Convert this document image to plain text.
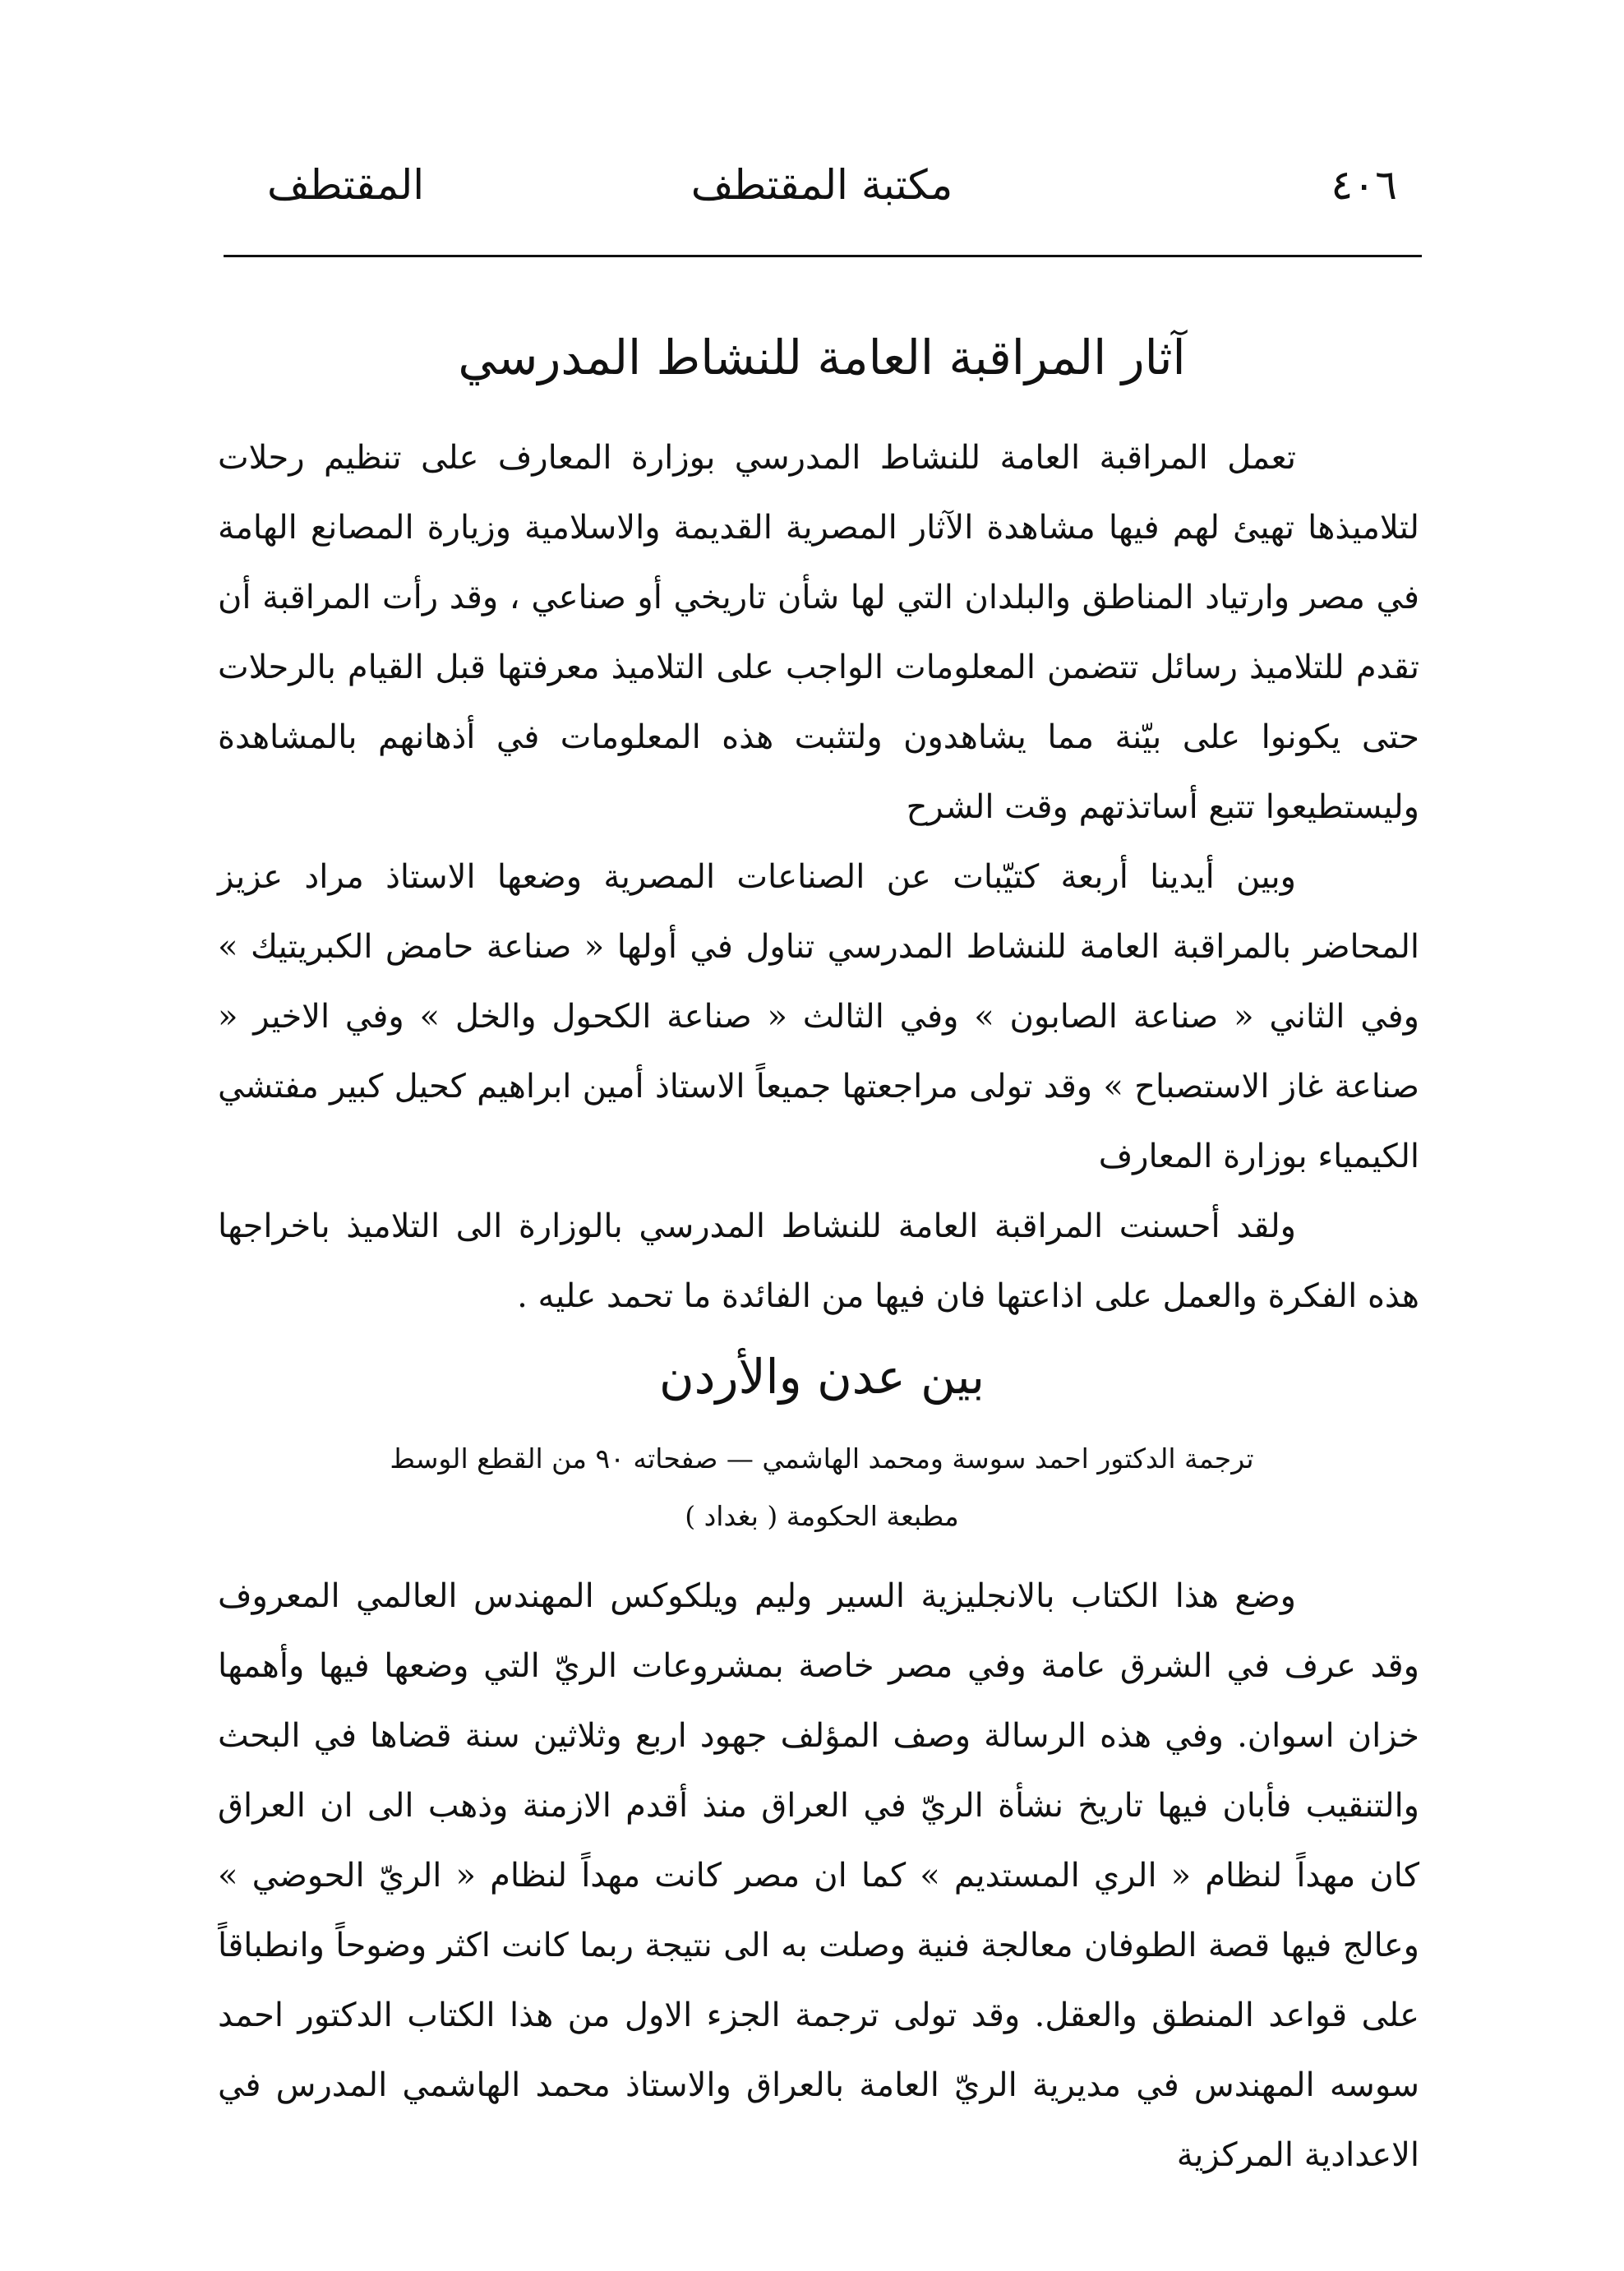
٤٠٦
مكتبة المقتطف
المقتطف
آثار المراقبة العامة للنشاط المدرسي

تعمل المراقبة العامة للنشاط المدرسي بوزارة المعارف على تنظيم رحلات لتلاميذها تهيئ لهم فيها مشاهدة الآثار المصرية القديمة والاسلامية وزيارة المصانع الهامة في مصر وارتياد المناطق والبلدان التي لها شأن تاريخي أو صناعي ، وقد رأت المراقبة أن تقدم للتلاميذ رسائل تتضمن المعلومات الواجب على التلاميذ معرفتها قبل القيام بالرحلات حتى يكونوا على بيّنة مما يشاهدون ولتثبت هذه المعلومات في أذهانهم بالمشاهدة وليستطيعوا تتبع أساتذتهم وقت الشرح

وبين أيدينا أربعة كتيّبات عن الصناعات المصرية وضعها الاستاذ مراد عزيز المحاضر بالمراقبة العامة للنشاط المدرسي تناول في أولها « صناعة حامض الكبريتيك » وفي الثاني « صناعة الصابون » وفي الثالث « صناعة الكحول والخل » وفي الاخير « صناعة غاز الاستصباح » وقد تولى مراجعتها جميعاً الاستاذ أمين ابراهيم كحيل كبير مفتشي الكيمياء بوزارة المعارف

ولقد أحسنت المراقبة العامة للنشاط المدرسي بالوزارة الى التلاميذ باخراجها هذه الفكرة والعمل على اذاعتها فان فيها من الفائدة ما تحمد عليه .

بين عدن والأردن
ترجمة الدكتور احمد سوسة ومحمد الهاشمي — صفحاته ٩٠ من القطع الوسط
مطبعة الحكومة ( بغداد )

وضع هذا الكتاب بالانجليزية السير وليم ويلكوكس المهندس العالمي المعروف وقد عرف في الشرق عامة وفي مصر خاصة بمشروعات الريّ التي وضعها فيها وأهمها خزان اسوان. وفي هذه الرسالة وصف المؤلف جهود اربع وثلاثين سنة قضاها في البحث والتنقيب فأبان فيها تاريخ نشأة الريّ في العراق منذ أقدم الازمنة وذهب الى ان العراق كان مهداً لنظام « الري المستديم » كما ان مصر كانت مهداً لنظام « الريّ الحوضي » وعالج فيها قصة الطوفان معالجة فنية وصلت به الى نتيجة ربما كانت اكثر وضوحاً وانطباقاً على قواعد المنطق والعقل. وقد تولى ترجمة الجزء الاول من هذا الكتاب الدكتور احمد سوسه المهندس في مديرية الريّ العامة بالعراق والاستاذ محمد الهاشمي المدرس في الاعدادية المركزية
